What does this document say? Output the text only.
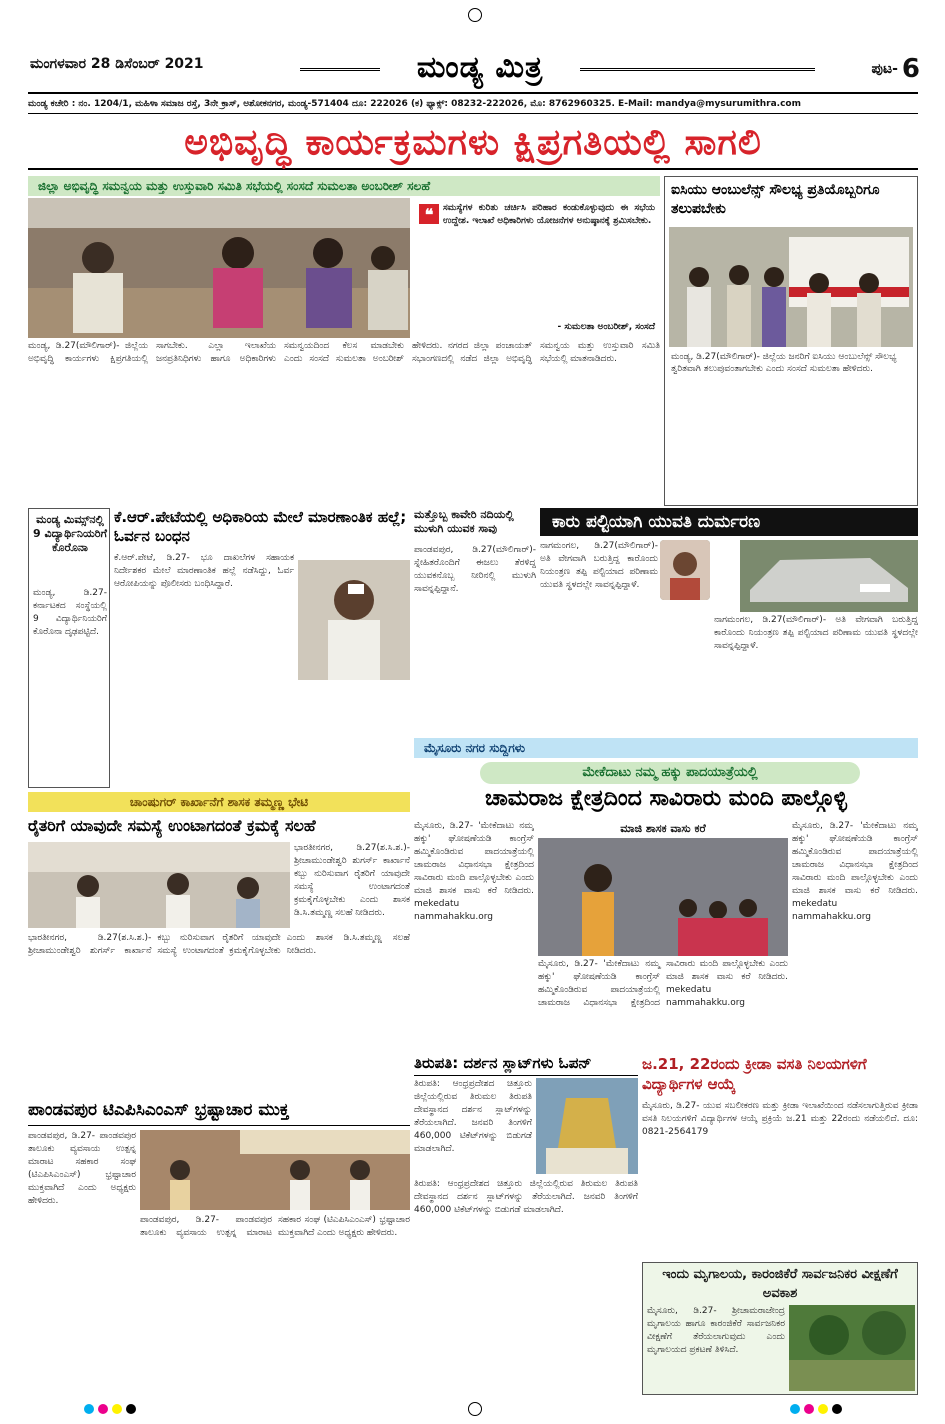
ಮಂಗಳವಾರ 28 ಡಿಸೆಂಬರ್ 2021	ಮಂಡ್ಯ ಮಿತ್ರ	ಪುಟ- 6
ಮಂಡ್ಯ ಕಚೇರಿ : ನಂ. 1204/1, ಮಹಿಳಾ ಸಮಾಜ ರಸ್ತೆ, 3ನೇ ಕ್ರಾಸ್, ಅಶೋಕನಗರ, ಮಂಡ್ಯ-571404 ದೂ: 222026 (ಕ) ಫ್ಯಾಕ್ಸ್: 08232-222026, ಮೊ: 8762960325. E-Mail: mandya@mysurumithra.com
ಅಭಿವೃದ್ಧಿ ಕಾರ್ಯಕ್ರಮಗಳು ಕ್ಷಿಪ್ರಗತಿಯಲ್ಲಿ ಸಾಗಲಿ
ಜಿಲ್ಲಾ ಅಭಿವೃದ್ಧಿ ಸಮನ್ವಯ ಮತ್ತು ಉಸ್ತುವಾರಿ ಸಮಿತಿ ಸಭೆಯಲ್ಲಿ ಸಂಸದೆ ಸುಮಲತಾ ಅಂಬರೀಶ್ ಸಲಹೆ
❝	ಸಮಸ್ಯೆಗಳ ಕುರಿತು ಚರ್ಚಿಸಿ ಪರಿಹಾರ ಕಂಡುಕೊಳ್ಳುವುದು ಈ ಸಭೆಯ ಉದ್ದೇಶ. ಇಲಾಖೆ ಅಧಿಕಾರಿಗಳು ಯೋಜನೆಗಳ ಅನುಷ್ಠಾನಕ್ಕೆ ಶ್ರಮಿಸಬೇಕು.
- ಸುಮಲತಾ ಅಂಬರೀಶ್, ಸಂಸದೆ
ಮಂಡ್ಯ, ಡಿ.27(ಮೌಲಿಗಾರ್)- ಜಿಲ್ಲೆಯ ಅಭಿವೃದ್ಧಿ ಕಾರ್ಯಗಳು ಕ್ಷಿಪ್ರಗತಿಯಲ್ಲಿ ಸಾಗಬೇಕು. ಎಲ್ಲಾ ಇಲಾಖೆಯ ಜನಪ್ರತಿನಿಧಿಗಳು ಹಾಗೂ ಅಧಿಕಾರಿಗಳು ಸಮನ್ವಯದಿಂದ ಕೆಲಸ ಮಾಡಬೇಕು ಎಂದು ಸಂಸದೆ ಸುಮಲತಾ ಅಂಬರೀಶ್ ಹೇಳಿದರು. ನಗರದ ಜಿಲ್ಲಾ ಪಂಚಾಯತ್ ಸಭಾಂಗಣದಲ್ಲಿ ನಡೆದ ಜಿಲ್ಲಾ ಅಭಿವೃದ್ಧಿ ಸಮನ್ವಯ ಮತ್ತು ಉಸ್ತುವಾರಿ ಸಮಿತಿ ಸಭೆಯಲ್ಲಿ ಮಾತನಾಡಿದರು.
ಐಸಿಯು ಆಂಬುಲೆನ್ಸ್ ಸೌಲಭ್ಯ ಪ್ರತಿಯೊಬ್ಬರಿಗೂ ತಲುಪಬೇಕು
ಮಂಡ್ಯ, ಡಿ.27(ಮೌಲಿಗಾರ್)- ಜಿಲ್ಲೆಯ ಜನರಿಗೆ ಐಸಿಯು ಆಂಬುಲೆನ್ಸ್ ಸೌಲಭ್ಯ ತ್ವರಿತವಾಗಿ ತಲುಪುವಂತಾಗಬೇಕು ಎಂದು ಸಂಸದೆ ಸುಮಲತಾ ಹೇಳಿದರು.
ಮಂಡ್ಯ ಮಿಮ್ಸ್‌ನಲ್ಲಿ 9 ವಿದ್ಯಾರ್ಥಿನಿಯರಿಗೆ ಕೊರೊನಾ
ಮಂಡ್ಯ, ಡಿ.27- ಕರ್ನಾಟಕದ ಸಂಸ್ಥೆಯಲ್ಲಿ 9 ವಿದ್ಯಾರ್ಥಿನಿಯರಿಗೆ ಕೊರೊನಾ ದೃಢಪಟ್ಟಿದೆ.
ಕೆ.ಆರ್.ಪೇಟೆಯಲ್ಲಿ ಅಧಿಕಾರಿಯ ಮೇಲೆ ಮಾರಣಾಂತಿಕ ಹಲ್ಲೆ; ಓರ್ವನ ಬಂಧನ
ಕೆ.ಆರ್.ಪೇಟೆ, ಡಿ.27- ಭೂ ದಾಖಲೆಗಳ ಸಹಾಯಕ ನಿರ್ದೇಶಕರ ಮೇಲೆ ಮಾರಣಾಂತಿಕ ಹಲ್ಲೆ ನಡೆಸಿದ್ದು, ಓರ್ವ ಆರೋಪಿಯನ್ನು ಪೊಲೀಸರು ಬಂಧಿಸಿದ್ದಾರೆ.
ಮತ್ತೊಬ್ಬ ಕಾವೇರಿ ನದಿಯಲ್ಲಿ ಮುಳುಗಿ ಯುವಕ ಸಾವು
ಪಾಂಡವಪುರ, ಡಿ.27(ಮೌಲಿಗಾರ್)- ಸ್ನೇಹಿತರೊಂದಿಗೆ ಈಜಲು ತೆರಳಿದ್ದ ಯುವಕನೊಬ್ಬ ನೀರಿನಲ್ಲಿ ಮುಳುಗಿ ಸಾವನ್ನಪ್ಪಿದ್ದಾನೆ.
ಕಾರು ಪಲ್ಟಿಯಾಗಿ ಯುವತಿ ದುರ್ಮರಣ
ನಾಗಮಂಗಲ, ಡಿ.27(ಮೌಲಿಗಾರ್)- ಅತಿ ವೇಗವಾಗಿ ಬರುತ್ತಿದ್ದ ಕಾರೊಂದು ನಿಯಂತ್ರಣ ತಪ್ಪಿ ಪಲ್ಟಿಯಾದ ಪರಿಣಾಮ ಯುವತಿ ಸ್ಥಳದಲ್ಲೇ ಸಾವನ್ನಪ್ಪಿದ್ದಾಳೆ.
ನಾಗಮಂಗಲ, ಡಿ.27(ಮೌಲಿಗಾರ್)- ಅತಿ ವೇಗವಾಗಿ ಬರುತ್ತಿದ್ದ ಕಾರೊಂದು ನಿಯಂತ್ರಣ ತಪ್ಪಿ ಪಲ್ಟಿಯಾದ ಪರಿಣಾಮ ಯುವತಿ ಸ್ಥಳದಲ್ಲೇ ಸಾವನ್ನಪ್ಪಿದ್ದಾಳೆ.
ಚಾಂಷುಗರ್ ಕಾರ್ಖಾನೆಗೆ ಶಾಸಕ ತಮ್ಮಣ್ಣ ಭೇಟಿ
ರೈತರಿಗೆ ಯಾವುದೇ ಸಮಸ್ಯೆ ಉಂಟಾಗದಂತೆ ಕ್ರಮಕ್ಕೆ ಸಲಹೆ
ಭಾರತೀನಗರ, ಡಿ.27(ಶ.ಸಿ.ಶ.)- ಶ್ರೀಚಾಮುಂಡೇಶ್ವರಿ ಶುಗರ್ಸ್ ಕಾರ್ಖಾನೆ ಕಬ್ಬು ನುರಿಸುವಾಗ ರೈತರಿಗೆ ಯಾವುದೇ ಸಮಸ್ಯೆ ಉಂಟಾಗದಂತೆ ಕ್ರಮಕೈಗೊಳ್ಳಬೇಕು ಎಂದು ಶಾಸಕ ಡಿ.ಸಿ.ತಮ್ಮಣ್ಣ ಸಲಹೆ ನೀಡಿದರು.
ಭಾರತೀನಗರ, ಡಿ.27(ಶ.ಸಿ.ಶ.)- ಶ್ರೀಚಾಮುಂಡೇಶ್ವರಿ ಶುಗರ್ಸ್ ಕಾರ್ಖಾನೆ ಕಬ್ಬು ನುರಿಸುವಾಗ ರೈತರಿಗೆ ಯಾವುದೇ ಸಮಸ್ಯೆ ಉಂಟಾಗದಂತೆ ಕ್ರಮಕೈಗೊಳ್ಳಬೇಕು ಎಂದು ಶಾಸಕ ಡಿ.ಸಿ.ತಮ್ಮಣ್ಣ ಸಲಹೆ ನೀಡಿದರು.
ಪಾಂಡವಪುರ ಟಿಎಪಿಸಿಎಂಎಸ್ ಭ್ರಷ್ಟಾಚಾರ ಮುಕ್ತ
ಪಾಂಡವಪುರ, ಡಿ.27- ಪಾಂಡವಪುರ ತಾಲೂಕು ವ್ಯವಸಾಯ ಉತ್ಪನ್ನ ಮಾರಾಟ ಸಹಕಾರ ಸಂಘ (ಟಿಎಪಿಸಿಎಂಎಸ್) ಭ್ರಷ್ಟಾಚಾರ ಮುಕ್ತವಾಗಿದೆ ಎಂದು ಅಧ್ಯಕ್ಷರು ಹೇಳಿದರು.
ಪಾಂಡವಪುರ, ಡಿ.27- ಪಾಂಡವಪುರ ತಾಲೂಕು ವ್ಯವಸಾಯ ಉತ್ಪನ್ನ ಮಾರಾಟ ಸಹಕಾರ ಸಂಘ (ಟಿಎಪಿಸಿಎಂಎಸ್) ಭ್ರಷ್ಟಾಚಾರ ಮುಕ್ತವಾಗಿದೆ ಎಂದು ಅಧ್ಯಕ್ಷರು ಹೇಳಿದರು.
ಮೈಸೂರು ನಗರ ಸುದ್ದಿಗಳು
ಮೇಕೆದಾಟು ನಮ್ಮ ಹಕ್ಕು ಪಾದಯಾತ್ರೆಯಲ್ಲಿ
ಚಾಮರಾಜ ಕ್ಷೇತ್ರದಿಂದ ಸಾವಿರಾರು ಮಂದಿ ಪಾಲ್ಗೊಳ್ಳಿ
ಮೈಸೂರು, ಡಿ.27- 'ಮೇಕೆದಾಟು ನಮ್ಮ ಹಕ್ಕು' ಘೋಷಣೆಯಡಿ ಕಾಂಗ್ರೆಸ್ ಹಮ್ಮಿಕೊಂಡಿರುವ ಪಾದಯಾತ್ರೆಯಲ್ಲಿ ಚಾಮರಾಜ ವಿಧಾನಸಭಾ ಕ್ಷೇತ್ರದಿಂದ ಸಾವಿರಾರು ಮಂದಿ ಪಾಲ್ಗೊಳ್ಳಬೇಕು ಎಂದು ಮಾಜಿ ಶಾಸಕ ವಾಸು ಕರೆ ನೀಡಿದರು. mekedatu nammahakku.org
ಮಾಜಿ ಶಾಸಕ ವಾಸು ಕರೆ
ಮೈಸೂರು, ಡಿ.27- 'ಮೇಕೆದಾಟು ನಮ್ಮ ಹಕ್ಕು' ಘೋಷಣೆಯಡಿ ಕಾಂಗ್ರೆಸ್ ಹಮ್ಮಿಕೊಂಡಿರುವ ಪಾದಯಾತ್ರೆಯಲ್ಲಿ ಚಾಮರಾಜ ವಿಧಾನಸಭಾ ಕ್ಷೇತ್ರದಿಂದ ಸಾವಿರಾರು ಮಂದಿ ಪಾಲ್ಗೊಳ್ಳಬೇಕು ಎಂದು ಮಾಜಿ ಶಾಸಕ ವಾಸು ಕರೆ ನೀಡಿದರು. mekedatu nammahakku.org
ಮೈಸೂರು, ಡಿ.27- 'ಮೇಕೆದಾಟು ನಮ್ಮ ಹಕ್ಕು' ಘೋಷಣೆಯಡಿ ಕಾಂಗ್ರೆಸ್ ಹಮ್ಮಿಕೊಂಡಿರುವ ಪಾದಯಾತ್ರೆಯಲ್ಲಿ ಚಾಮರಾಜ ವಿಧಾನಸಭಾ ಕ್ಷೇತ್ರದಿಂದ ಸಾವಿರಾರು ಮಂದಿ ಪಾಲ್ಗೊಳ್ಳಬೇಕು ಎಂದು ಮಾಜಿ ಶಾಸಕ ವಾಸು ಕರೆ ನೀಡಿದರು. mekedatu nammahakku.org
ತಿರುಪತಿ: ದರ್ಶನ ಸ್ಲಾಟ್‌ಗಳು ಓಪನ್
ತಿರುಪತಿ: ಆಂಧ್ರಪ್ರದೇಶದ ಚಿತ್ತೂರು ಜಿಲ್ಲೆಯಲ್ಲಿರುವ ತಿರುಮಲ ತಿರುಪತಿ ದೇವಸ್ಥಾನದ ದರ್ಶನ ಸ್ಲಾಟ್‌ಗಳನ್ನು ತೆರೆಯಲಾಗಿದೆ. ಜನವರಿ ತಿಂಗಳಿಗೆ 460,000 ಟಿಕೆಟ್‌ಗಳನ್ನು ಬಿಡುಗಡೆ ಮಾಡಲಾಗಿದೆ.
ತಿರುಪತಿ: ಆಂಧ್ರಪ್ರದೇಶದ ಚಿತ್ತೂರು ಜಿಲ್ಲೆಯಲ್ಲಿರುವ ತಿರುಮಲ ತಿರುಪತಿ ದೇವಸ್ಥಾನದ ದರ್ಶನ ಸ್ಲಾಟ್‌ಗಳನ್ನು ತೆರೆಯಲಾಗಿದೆ. ಜನವರಿ ತಿಂಗಳಿಗೆ 460,000 ಟಿಕೆಟ್‌ಗಳನ್ನು ಬಿಡುಗಡೆ ಮಾಡಲಾಗಿದೆ.
ಜ.21, 22ರಂದು ಕ್ರೀಡಾ ವಸತಿ ನಿಲಯಗಳಿಗೆ ವಿದ್ಯಾರ್ಥಿಗಳ ಆಯ್ಕೆ
ಮೈಸೂರು, ಡಿ.27- ಯುವ ಸಬಲೀಕರಣ ಮತ್ತು ಕ್ರೀಡಾ ಇಲಾಖೆಯಿಂದ ನಡೆಸಲಾಗುತ್ತಿರುವ ಕ್ರೀಡಾ ವಸತಿ ನಿಲಯಗಳಿಗೆ ವಿದ್ಯಾರ್ಥಿಗಳ ಆಯ್ಕೆ ಪ್ರಕ್ರಿಯೆ ಜ.21 ಮತ್ತು 22ರಂದು ನಡೆಯಲಿದೆ. ದೂ: 0821-2564179
ಇಂದು ಮೃಗಾಲಯ, ಕಾರಂಜಿಕೆರೆ ಸಾರ್ವಜನಿಕರ ವೀಕ್ಷಣೆಗೆ ಅವಕಾಶ
ಮೈಸೂರು, ಡಿ.27- ಶ್ರೀಚಾಮರಾಜೇಂದ್ರ ಮೃಗಾಲಯ ಹಾಗೂ ಕಾರಂಜಿಕೆರೆ ಸಾರ್ವಜನಿಕರ ವೀಕ್ಷಣೆಗೆ ತೆರೆಯಲಾಗುವುದು ಎಂದು ಮೃಗಾಲಯದ ಪ್ರಕಟಣೆ ತಿಳಿಸಿದೆ.
